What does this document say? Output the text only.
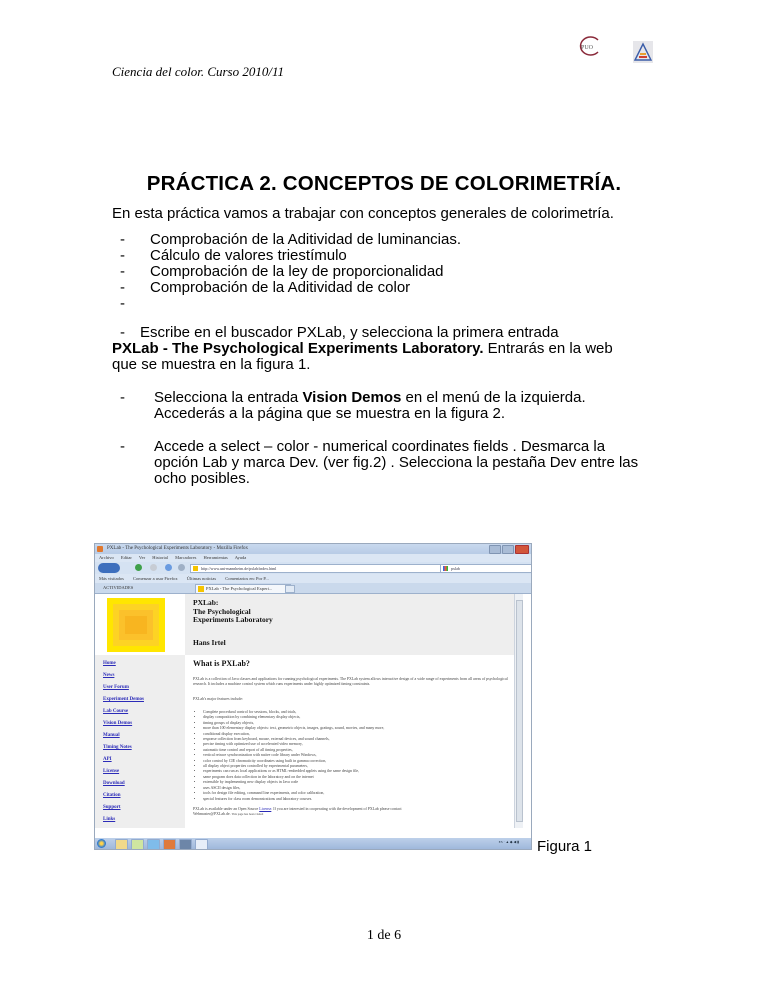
PUO
Ciencia del color. Curso 2010/11
PRÁCTICA 2. CONCEPTOS DE COLORIMETRÍA.
En esta práctica vamos a trabajar con conceptos generales de colorimetría.
-	Comprobación de la Aditividad de luminancias.
-	Cálculo de valores triestímulo
-	Comprobación de la ley de proporcionalidad
-	Comprobación de la Aditividad de color
-
- Escribe en el buscador PXLab, y selecciona la primera entrada
PXLab - The Psychological Experiments Laboratory. Entrarás en la web
que se muestra en la figura 1.
- Selecciona la entrada Vision Demos en el menú de la izquierda.
Accederás a la página que se muestra en la figura 2.
- Accede a select – color - numerical coordinates fields . Desmarca la
opción Lab y marca Dev. (ver fig.2) . Selecciona la pestaña Dev entre las
ocho posibles.
PXLab - The Psychological Experiments Laboratory - Mozilla Firefox
Archivo Editar Ver Historial Marcadores Herramientas Ayuda
http://www.uni-mannheim.de/pxlab/index.html	pxlab
Más visitados Comenzar a usar Firefox Últimas noticias Comentarios en: Por P...
ACTIVIDADES	PXLab - The Psychological Experi...
PXLab:
The Psychological
Experiments Laboratory
Hans Irtel
Home
News
User Forum
Experiment Demos
Lab Course
Vision Demos
Manual
Timing Notes
API
License
Download
Citation
Support
Links
What is PXLab?
PXLab is a collection of Java classes and applications for running psychological experiments. The PXLab system allows interactive design of a wide range of experiments from all areas of psychological research. It includes a machine control system which runs experiments under highly optimized timing constraints.
PXLab's major features include:
• Complete procedural control for sessions, blocks, and trials,
• display composition by combining elementary display objects,
• timing groups of display objects,
• more than 100 elementary display objects: text, geometric objects, images, gratings, sound, movies, and many more,
• conditional display execution,
• response collection from keyboard, mouse, external devices, and sound channels,
• precise timing with optimized use of accelerated video memory,
• automatic time control and report of all timing properties,
• vertical retrace synchronization with native code library under Windows,
• color control by CIE chromaticity coordinates using built in gamma correction,
• all display object properties controlled by experimental parameters,
• experiments can run as local applications or as HTML-embedded applets using the same design file,
• same program does data collection in the laboratory and on the internet
• extensible by implementing new display objects in Java code
• uses ASCII design files,
• tools for design file editing, command line experiments, and color calibration,
• special features for class room demonstrations and laboratory courses.
PXLab is available under an Open Source License. If you are interested in cooperating with the development of PXLab please contact
Webmaster@PXLab.de. This page has been visited
ES · ▲ ◆ ◀ ▮ Figura 1
1 de 6
